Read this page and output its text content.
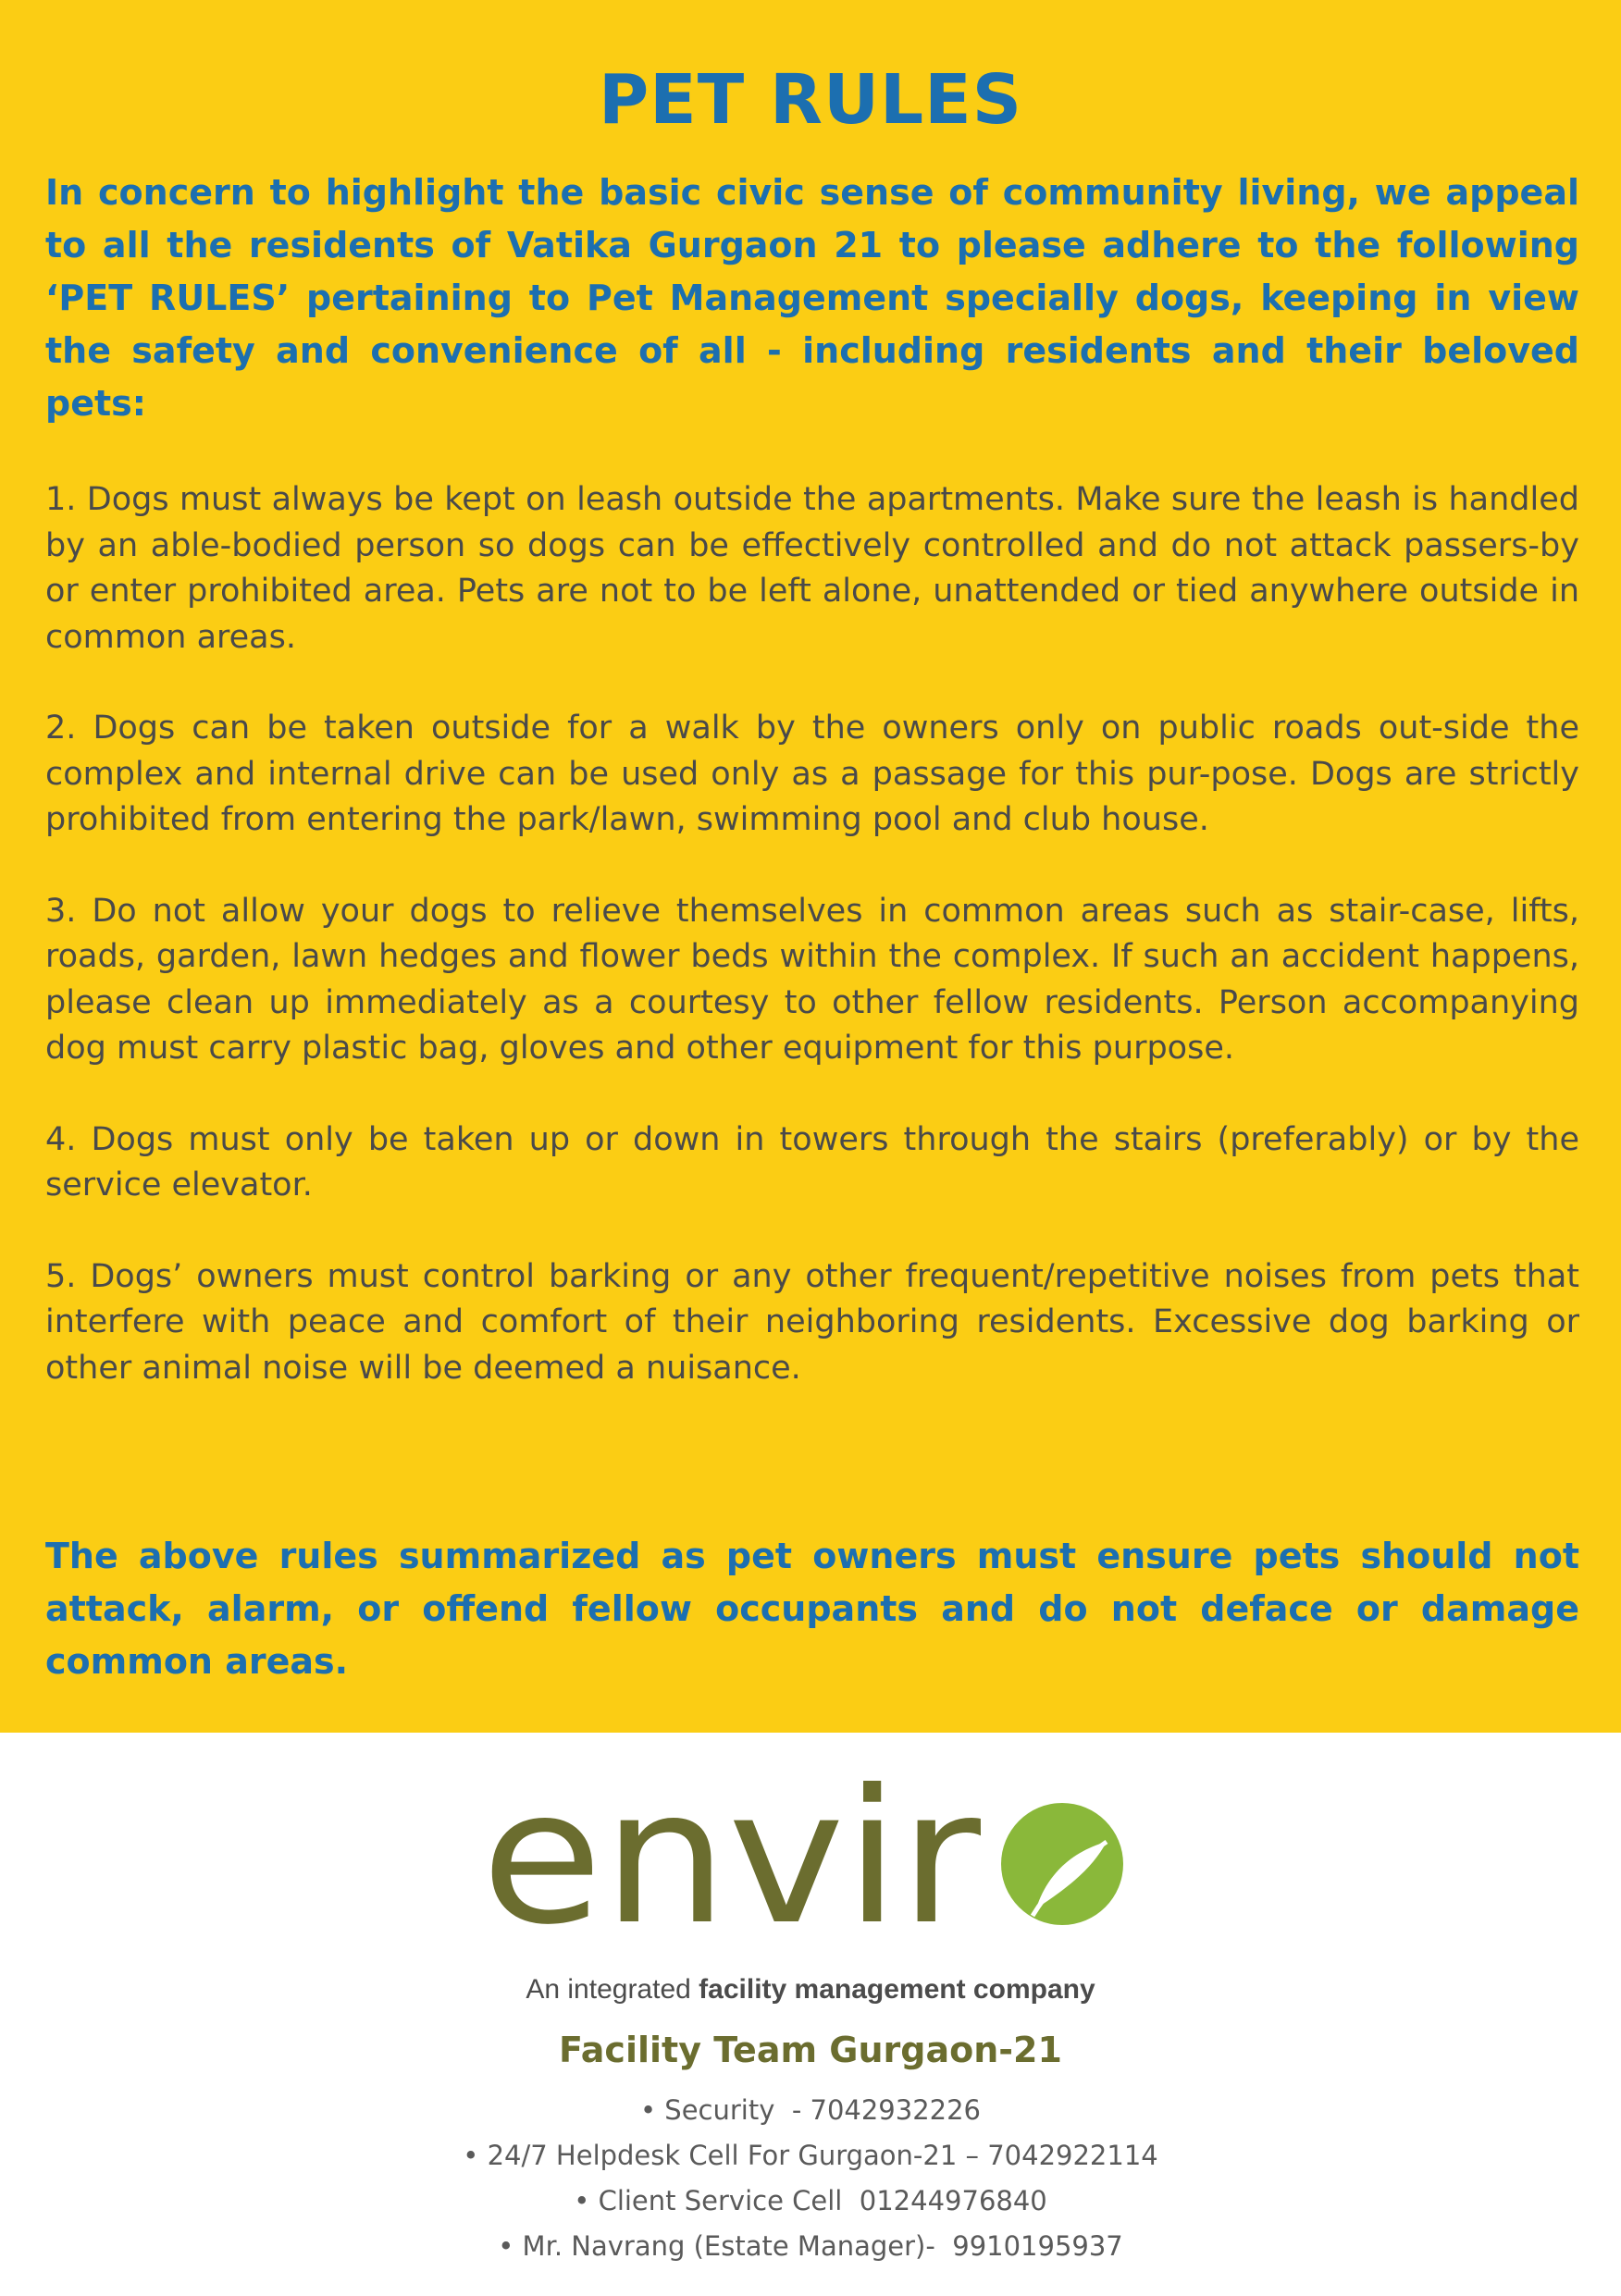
PET RULES

In concern to highlight the basic civic sense of community living, we appeal to all the residents of Vatika Gurgaon 21 to please adhere to the following ‘PET RULES’ pertaining to Pet Management specially dogs, keeping in view the safety and convenience of all - including residents and their beloved pets:

1. Dogs must always be kept on leash outside the apartments. Make sure the leash is handled by an able-bodied person so dogs can be effectively controlled and do not attack passers-by or enter prohibited area. Pets are not to be left alone, unattended or tied anywhere outside in common areas.
2. Dogs can be taken outside for a walk by the owners only on public roads out-side the complex and internal drive can be used only as a passage for this pur-pose. Dogs are strictly prohibited from entering the park/lawn, swimming pool and club house.
3. Do not allow your dogs to relieve themselves in common areas such as stair-case, lifts, roads, garden, lawn hedges and flower beds within the complex. If such an accident happens, please clean up immediately as a courtesy to other fellow residents. Person accompanying dog must carry plastic bag, gloves and other equipment for this purpose.
4. Dogs must only be taken up or down in towers through the stairs (preferably) or by the service elevator.
5. Dogs’ owners must control barking or any other frequent/repetitive noises from pets that interfere with peace and comfort of their neighboring residents. Excessive dog barking or other animal noise will be deemed a nuisance.

The above rules summarized as pet owners must ensure pets should not attack, alarm, or offend fellow occupants and do not deface or damage common areas.

envir
An integrated facility management company
Facility Team Gurgaon-21
• Security  - 7042932226
• 24/7 Helpdesk Cell For Gurgaon-21 – 7042922114
• Client Service Cell  01244976840
• Mr. Navrang (Estate Manager)-  9910195937
